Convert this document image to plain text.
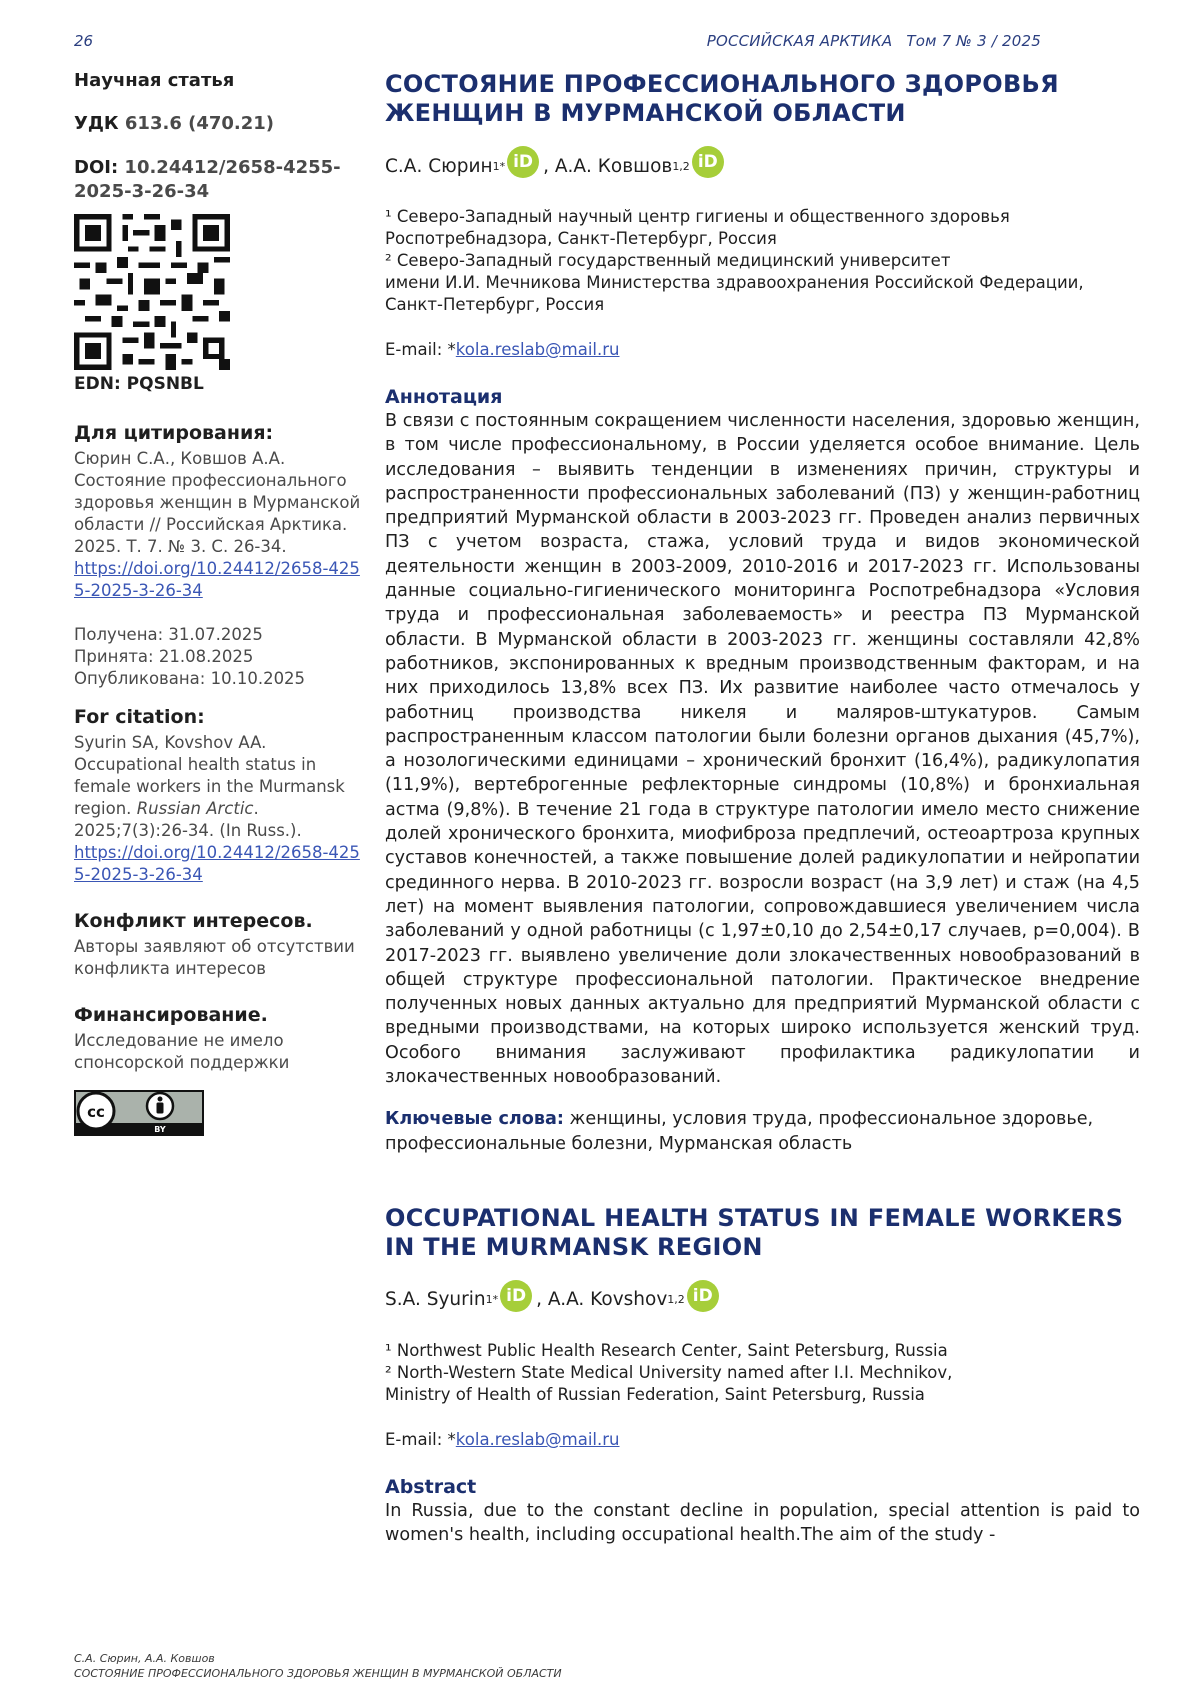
26	РОССИЙСКАЯ АРКТИКА Том 7 № 3 / 2025
Научная статья
УДК 613.6 (470.21)
DOI: 10.24412/2658-4255-2025-3-26-34
EDN: PQSNBL
Для цитирования:
Сюрин С.А., Ковшов А.А. Состояние профессионального здоровья женщин в Мурманской области // Российская Арктика. 2025. Т. 7. № 3. С. 26-34.
https://doi.org/10.24412/2658-4255-2025-3-26-34
Получена: 31.07.2025
Принята: 21.08.2025
Опубликована: 10.10.2025
For citation:
Syurin SA, Kovshov AA. Occupational health status in female workers in the Murmansk region. Russian Arctic. 2025;7(3):26-34. (In Russ.).
https://doi.org/10.24412/2658-4255-2025-3-26-34
Конфликт интересов.
Авторы заявляют об отсутствии конфликта интересов
Финансирование.
Исследование не имело спонсорской поддержки
cc
BY
СОСТОЯНИЕ ПРОФЕССИОНАЛЬНОГО ЗДОРОВЬЯ ЖЕНЩИН В МУРМАНСКОЙ ОБЛАСТИ
С.А. Сюрин 1* iD , А.А. Ковшов 1,2 iD
¹ Северо-Западный научный центр гигиены и общественного здоровья Роспотребнадзора, Санкт-Петербург, Россия
² Северо-Западный государственный медицинский университет
имени И.И. Мечникова Министерства здравоохранения Российской Федерации, Санкт-Петербург, Россия
E-mail: *kola.reslab@mail.ru
Аннотация

В связи с постоянным сокращением численности населения, здоровью женщин, в том числе профессиональному, в России уделяется особое внимание. Цель исследования – выявить тенденции в изменениях причин, структуры и распространенности профессиональных заболеваний (ПЗ) у женщин-работниц предприятий Мурманской области в 2003-2023 гг. Проведен анализ первичных ПЗ с учетом возраста, стажа, условий труда и видов экономической деятельности женщин в 2003-2009, 2010-2016 и 2017-2023 гг. Использованы данные социально-гигиенического мониторинга Роспотребнадзора «Условия труда и профессиональная заболеваемость» и реестра ПЗ Мурманской области. В Мурманской области в 2003-2023 гг. женщины составляли 42,8% работников, экспонированных к вредным производственным факторам, и на них приходилось 13,8% всех ПЗ. Их развитие наиболее часто отмечалось у работниц производства никеля и маляров-штукатуров. Самым распространенным классом патологии были болезни органов дыхания (45,7%), а нозологическими единицами – хронический бронхит (16,4%), радикулопатия (11,9%), вертеброгенные рефлекторные синдромы (10,8%) и бронхиальная астма (9,8%). В течение 21 года в структуре патологии имело место снижение долей хронического бронхита, миофиброза предплечий, остеоартроза крупных суставов конечностей, а также повышение долей радикулопатии и нейропатии срединного нерва. В 2010-2023 гг. возросли возраст (на 3,9 лет) и стаж (на 4,5 лет) на момент выявления патологии, сопровождавшиеся увеличением числа заболеваний у одной работницы (с 1,97±0,10 до 2,54±0,17 случаев, p=0,004). В 2017-2023 гг. выявлено увеличение доли злокачественных новообразований в общей структуре профессиональной патологии. Практическое внедрение полученных новых данных актуально для предприятий Мурманской области с вредными производствами, на которых широко используется женский труд. Особого внимания заслуживают профилактика радикулопатии и злокачественных новообразований.

Ключевые слова: женщины, условия труда, профессиональное здоровье, профессиональные болезни, Мурманская область
OCCUPATIONAL HEALTH STATUS IN FEMALE WORKERS IN THE MURMANSK REGION
S.A. Syurin 1* iD , A.A. Kovshov 1,2 iD
¹ Northwest Public Health Research Center, Saint Petersburg, Russia
² North-Western State Medical University named after I.I. Mechnikov,
Ministry of Health of Russian Federation, Saint Petersburg, Russia
E-mail: *kola.reslab@mail.ru
Abstract

In Russia, due to the constant decline in population, special attention is paid to women's health, including occupational health.The aim of the study -

С.А. Сюрин, А.А. Ковшов
СОСТОЯНИЕ ПРОФЕССИОНАЛЬНОГО ЗДОРОВЬЯ ЖЕНЩИН В МУРМАНСКОЙ ОБЛАСТИ
